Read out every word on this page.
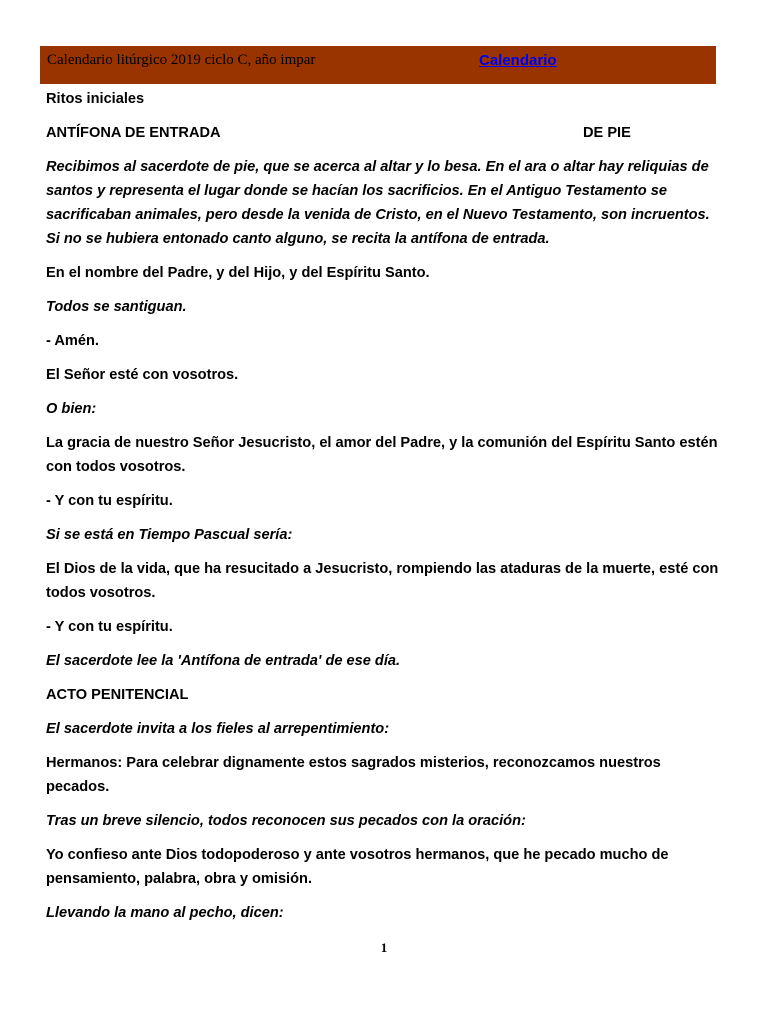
Calendario litúrgico 2019 ciclo C, año impar	Calendario

Ritos iniciales

ANTÍFONA DE ENTRADA	DE PIE

Recibimos al sacerdote de pie, que se acerca al altar y lo besa. En el ara o altar hay reliquias de santos y representa el lugar donde se hacían los sacrificios. En el Antiguo Testamento se sacrificaban animales, pero desde la venida de Cristo, en el Nuevo Testamento, son incruentos. Si no se hubiera entonado canto alguno, se recita la antífona de entrada.

En el nombre del Padre, y del Hijo, y del Espíritu Santo.

Todos se santiguan.

- Amén.

El Señor esté con vosotros.

O bien:

La gracia de nuestro Señor Jesucristo, el amor del Padre, y la comunión del Espíritu Santo estén con todos vosotros.

- Y con tu espíritu.

Si se está en Tiempo Pascual sería:

El Dios de la vida, que ha resucitado a Jesucristo, rompiendo las ataduras de la muerte, esté con todos vosotros.

- Y con tu espíritu.

El sacerdote lee la 'Antífona de entrada' de ese día.

ACTO PENITENCIAL

El sacerdote invita a los fieles al arrepentimiento:

Hermanos: Para celebrar dignamente estos sagrados misterios, reconozcamos nuestros pecados.

Tras un breve silencio, todos reconocen sus pecados con la oración:

Yo confieso ante Dios todopoderoso y ante vosotros hermanos, que he pecado mucho de pensamiento, palabra, obra y omisión.

Llevando la mano al pecho, dicen:

1
